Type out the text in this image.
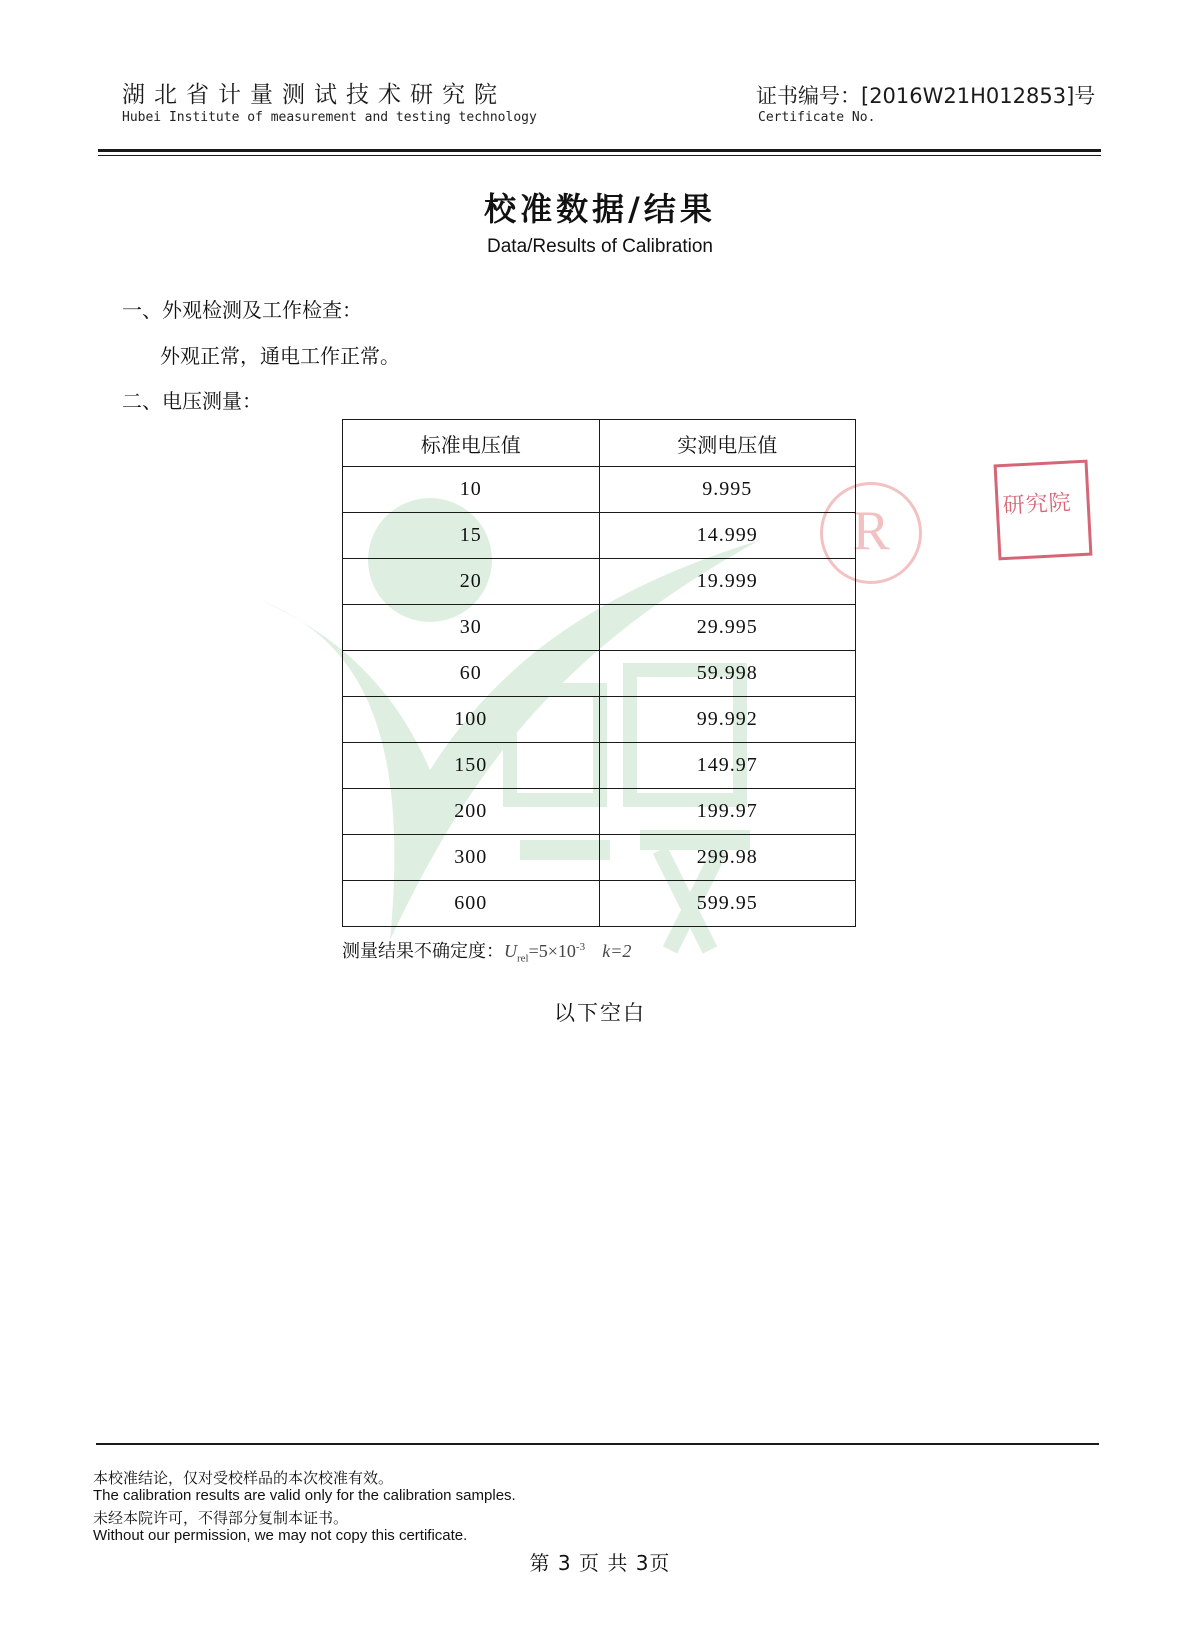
湖北省计量测试技术研究院
Hubei Institute of measurement and testing technology
证书编号：[2016W21H012853]号
Certificate No.
R
校准数据/结果
Data/Results of Calibration
一、外观检测及工作检查：
外观正常，通电工作正常。
二、电压测量：
标准电压值	实测电压值
10	9.995
15	14.999
20	19.999
30	29.995
60	59.998
100	99.992
150	149.97
200	199.97
300	299.98
600	599.95
测量结果不确定度：$U_{rel}=5\times 10^{-3}$ k=2
以下空白
研究院
本校准结论，仅对受校样品的本次校准有效。
The calibration results are valid only for the calibration samples.
未经本院许可，不得部分复制本证书。
Without our permission, we may not copy this certificate.
第 3 页 共 3页
